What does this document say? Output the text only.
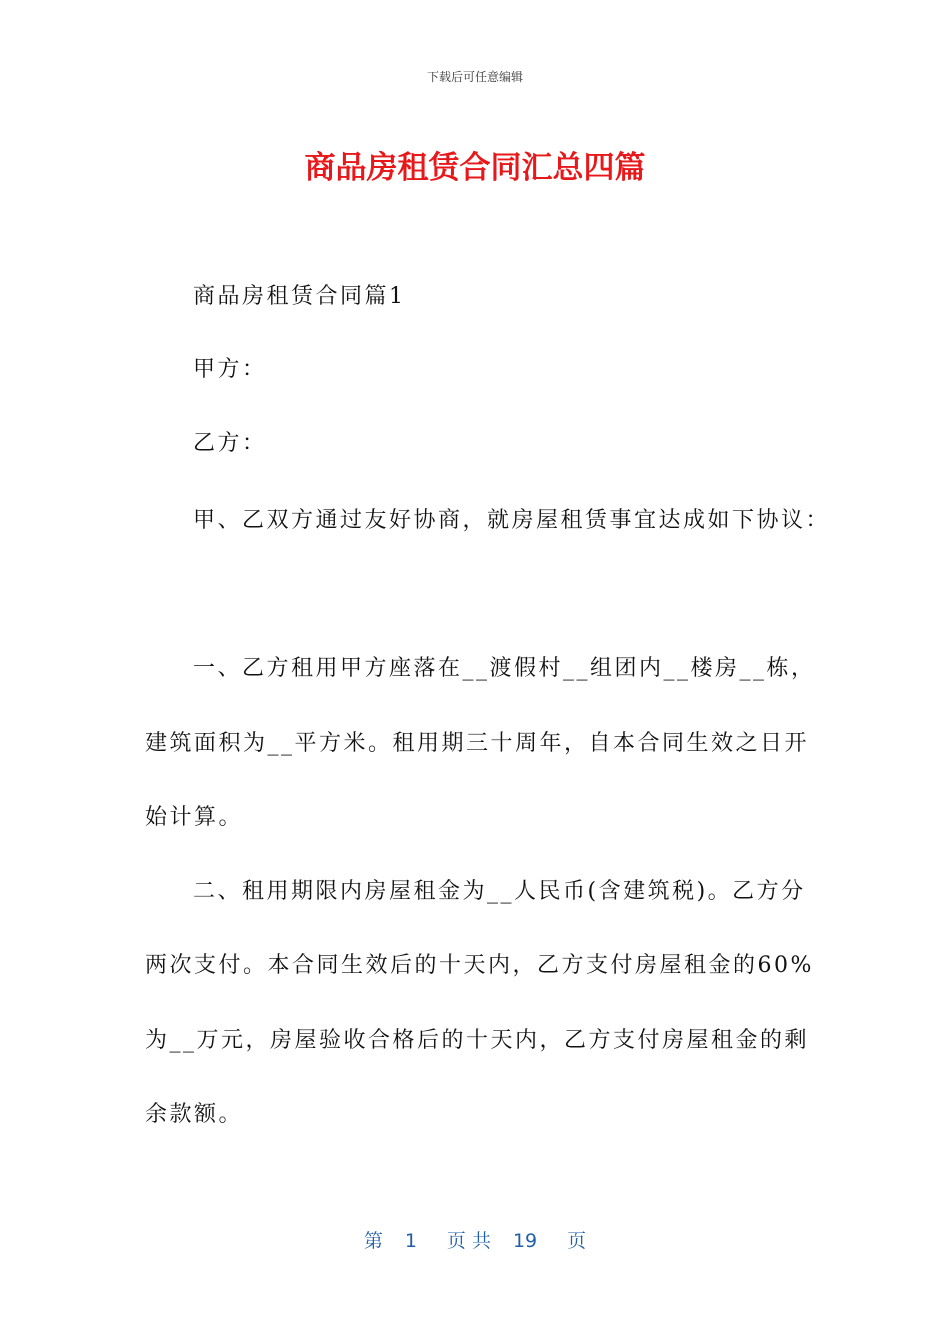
下载后可任意编辑
商品房租赁合同汇总四篇
商品房租赁合同篇1
甲方：
乙方：
甲、乙双方通过友好协商，就房屋租赁事宜达成如下协议：
一、乙方租用甲方座落在__渡假村__组团内__楼房__栋，
建筑面积为__平方米。租用期三十周年，自本合同生效之日开
始计算。
二、租用期限内房屋租金为__人民币(含建筑税)。乙方分
两次支付。本合同生效后的十天内，乙方支付房屋租金的60%
为__万元，房屋验收合格后的十天内，乙方支付房屋租金的剩
余款额。
第 1 页 共 19 页
